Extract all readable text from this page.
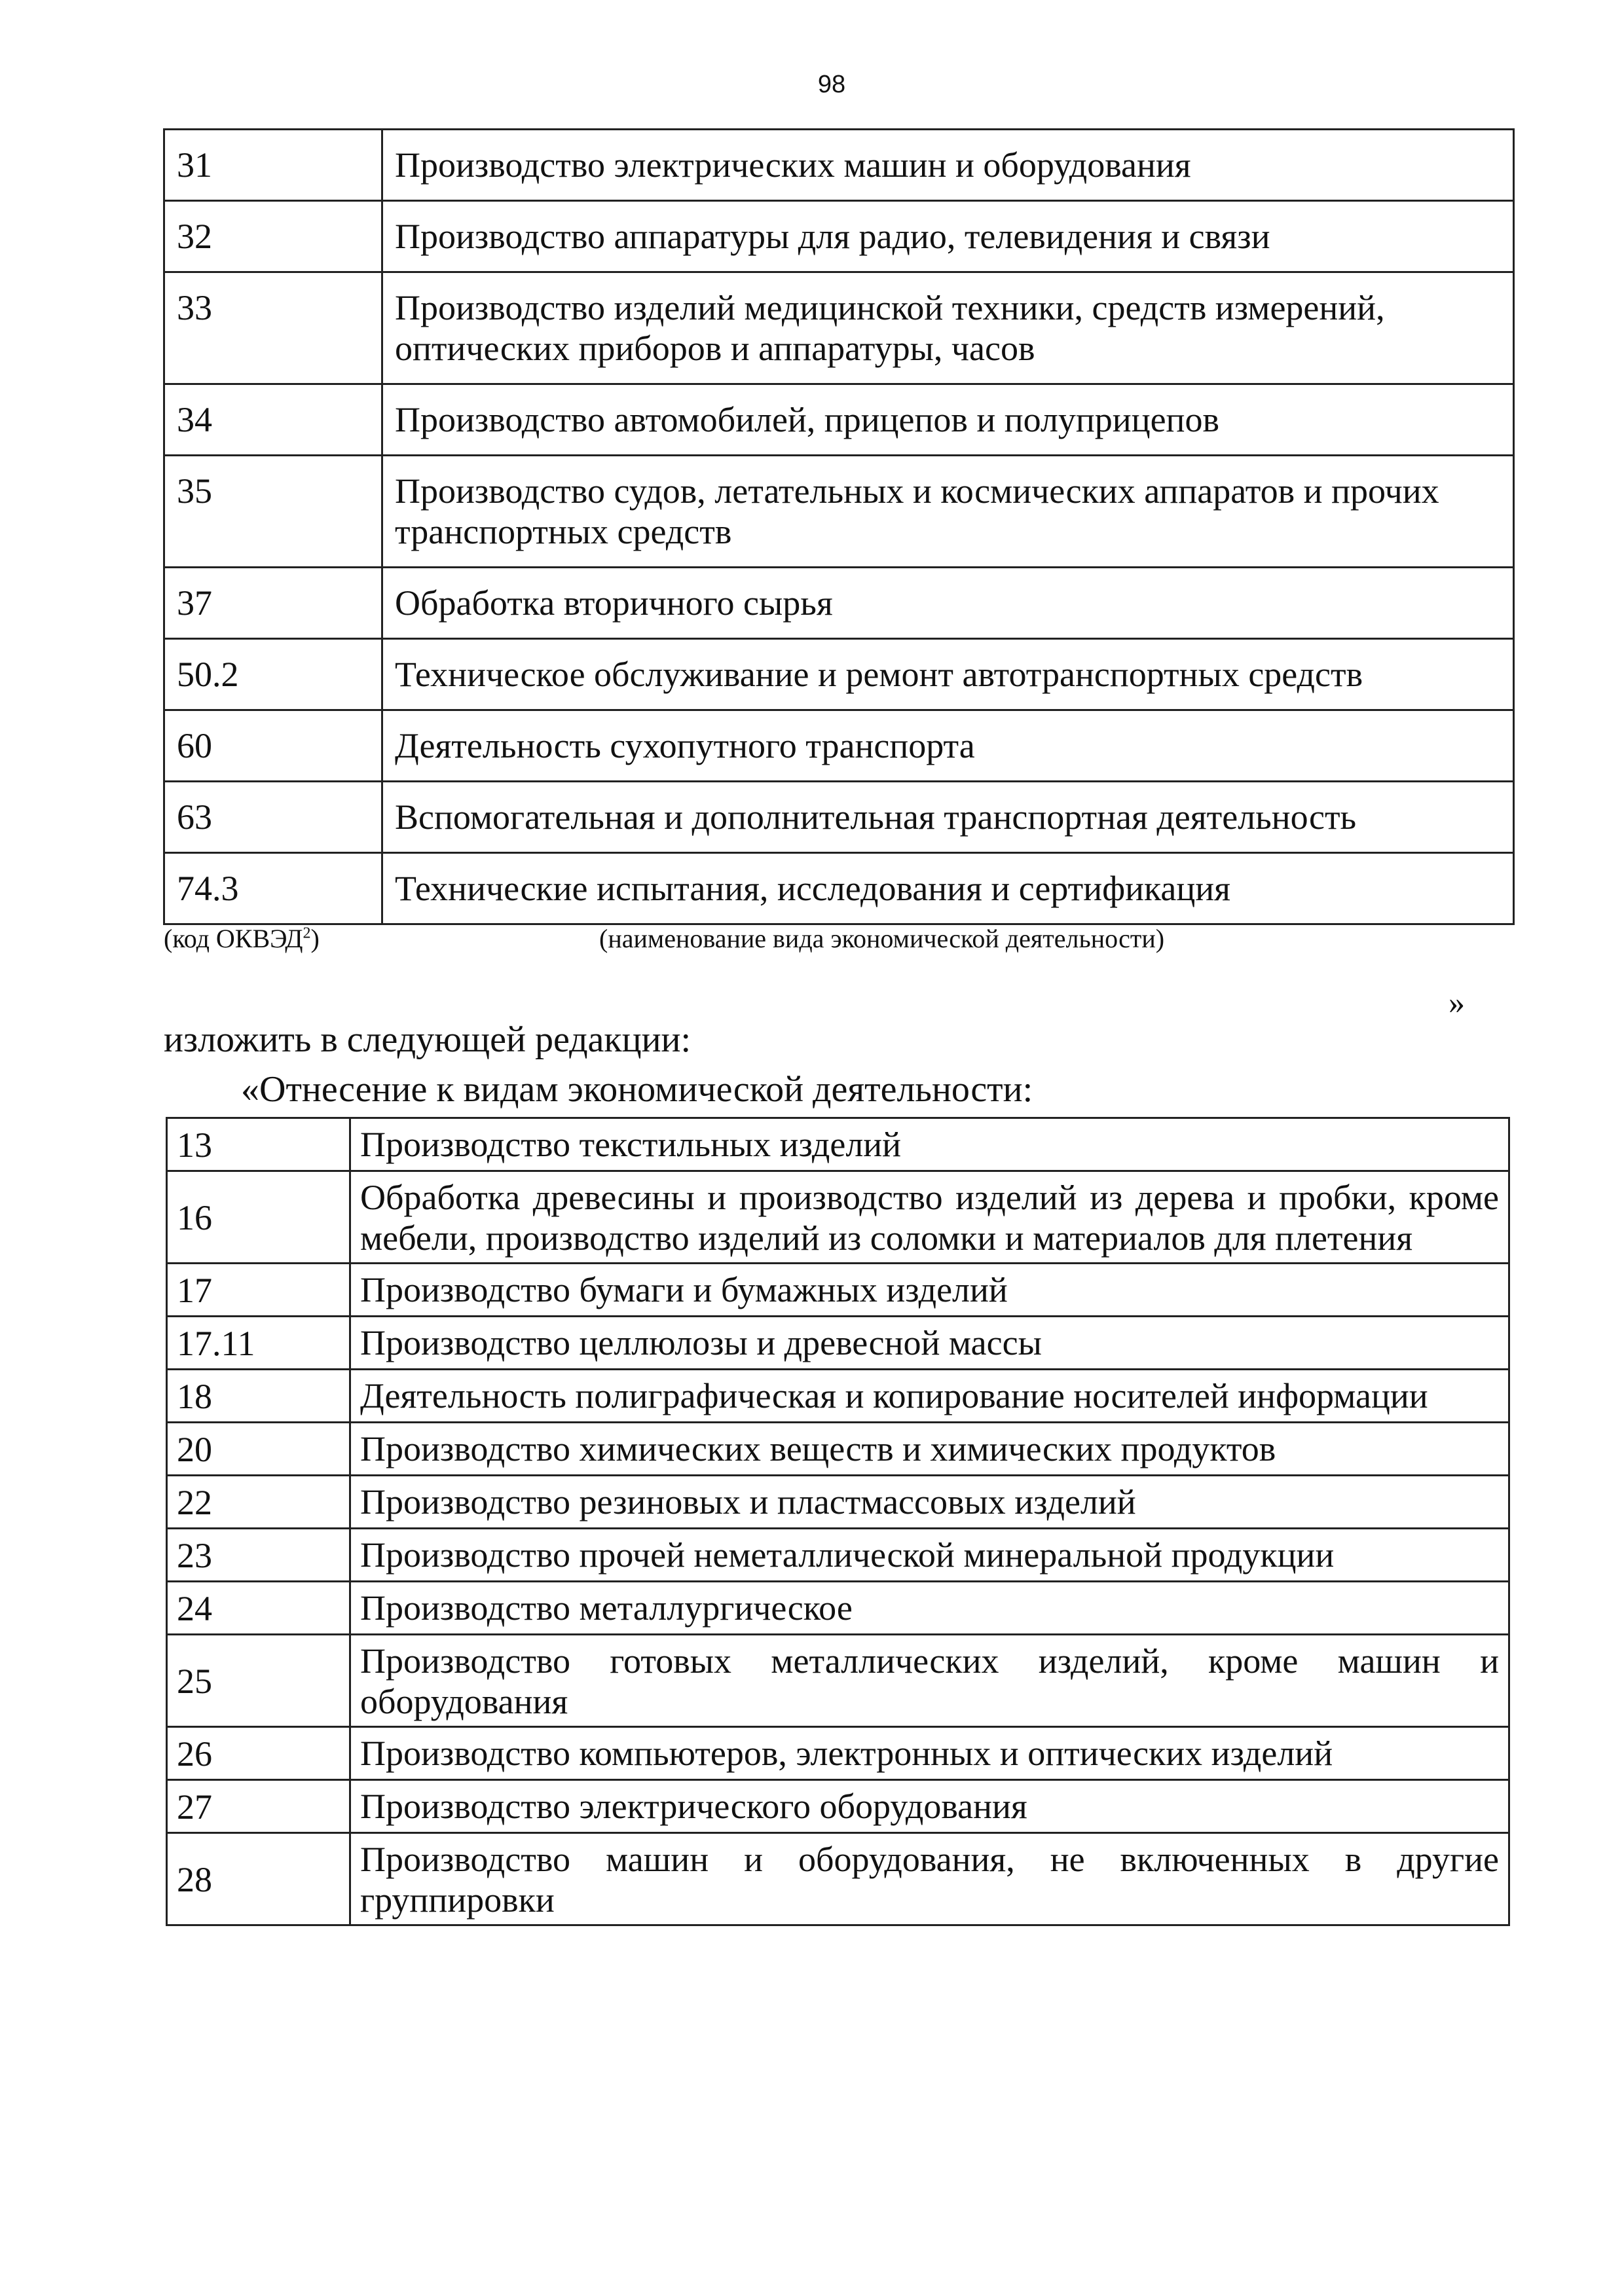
98
31	Производство электрических машин и оборудования
32	Производство аппаратуры для радио, телевидения и связи
33	Производство изделий медицинской техники, средств измерений, оптических приборов и аппаратуры, часов
34	Производство автомобилей, прицепов и полуприцепов
35	Производство судов, летательных и космических аппаратов и прочих транспортных средств
37	Обработка вторичного сырья
50.2	Техническое обслуживание и ремонт автотранспортных средств
60	Деятельность сухопутного транспорта
63	Вспомогательная и дополнительная транспортная деятельность
74.3	Технические испытания, исследования и сертификация
(код ОКВЭД$^2$)	(наименование вида экономической деятельности)
»
изложить в следующей редакции:
«Отнесение к видам экономической деятельности:
13	Производство текстильных изделий
16	Обработка древесины и производство изделий из дерева и пробки, кроме мебели, производство изделий из соломки и материалов для плетения
17	Производство бумаги и бумажных изделий
17.11	Производство целлюлозы и древесной массы
18	Деятельность полиграфическая и копирование носителей информации
20	Производство химических веществ и химических продуктов
22	Производство резиновых и пластмассовых изделий
23	Производство прочей неметаллической минеральной продукции
24	Производство металлургическое
25	Производство готовых металлических изделий, кроме машин и оборудования
26	Производство компьютеров, электронных и оптических изделий
27	Производство электрического оборудования
28	Производство машин и оборудования, не включенных в другие группировки
